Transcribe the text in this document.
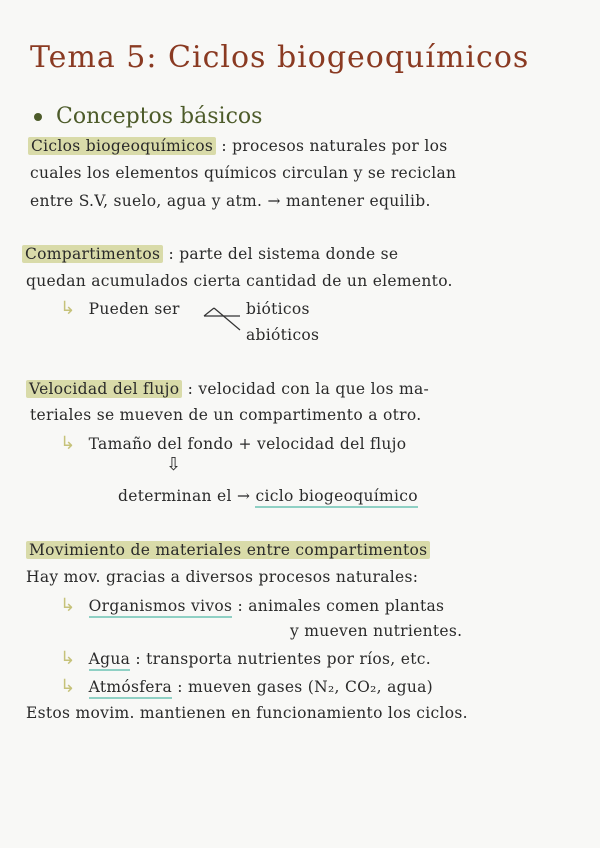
Tema 5: Ciclos biogeoquímicos
Conceptos básicos
Ciclos biogeoquímicos : procesos naturales por los
cuales los elementos químicos circulan y se reciclan
entre S.V, suelo, agua y atm. → mantener equilib.
Compartimentos : parte del sistema donde se
quedan acumulados cierta cantidad de un elemento.
↳ Pueden ser	bióticos
abióticos
Velocidad del flujo : velocidad con la que los ma-
teriales se mueven de un compartimento a otro.
↳ Tamaño del fondo + velocidad del flujo
⇩
determinan el → ciclo biogeoquímico
Movimiento de materiales entre compartimentos
Hay mov. gracias a diversos procesos naturales:
↳ Organismos vivos : animales comen plantas
y mueven nutrientes.
↳ Agua : transporta nutrientes por ríos, etc.
↳ Atmósfera : mueven gases (N₂, CO₂, agua)
Estos movim. mantienen en funcionamiento los ciclos.
